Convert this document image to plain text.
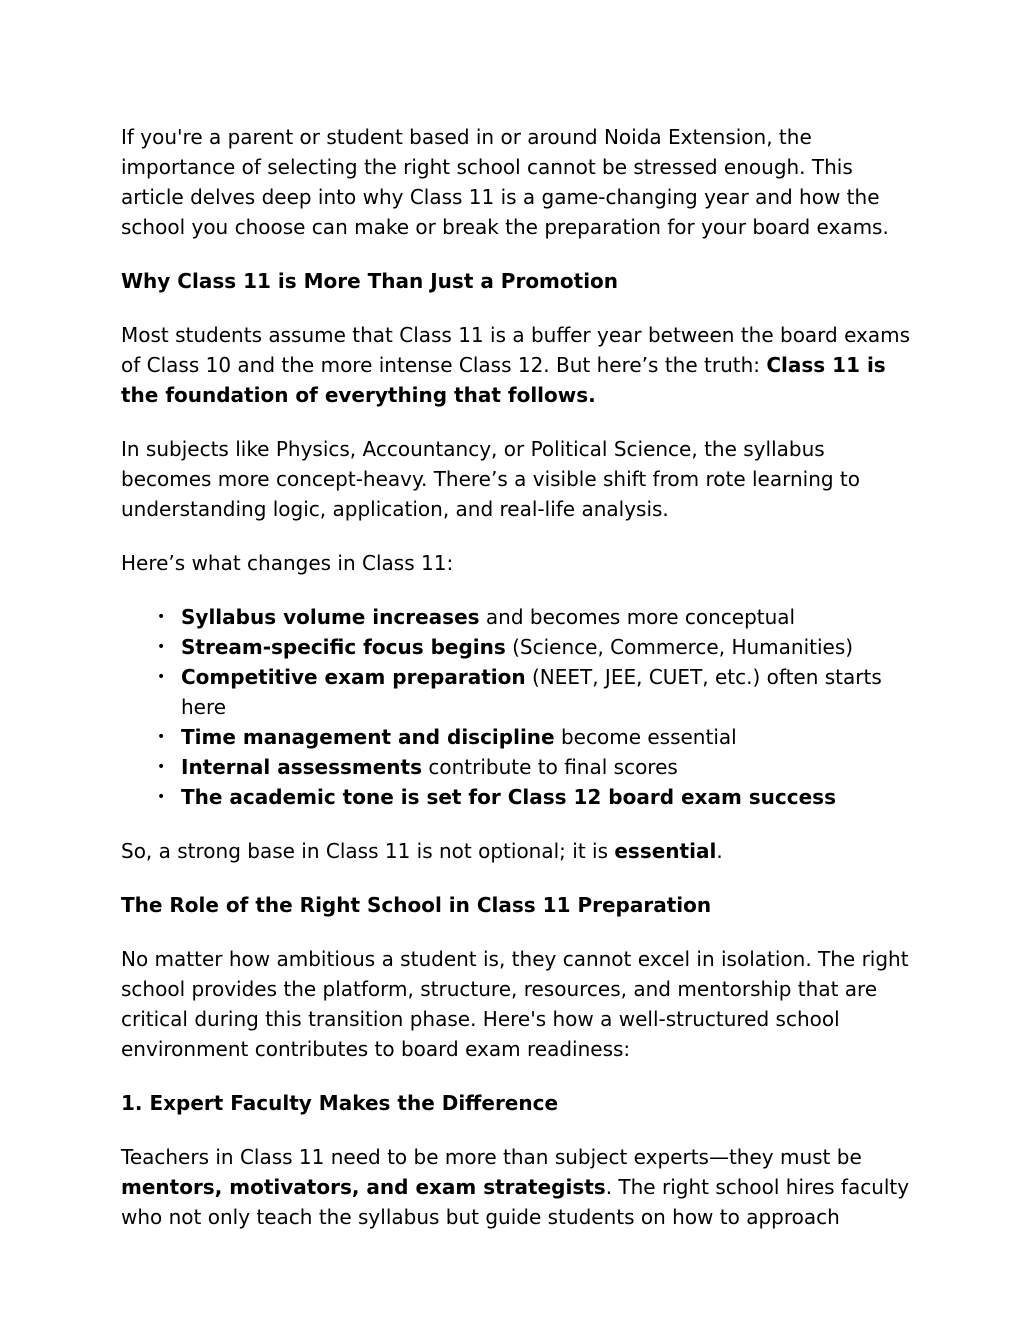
If you're a parent or student based in or around Noida Extension, the importance of selecting the right school cannot be stressed enough. This article delves deep into why Class 11 is a game-changing year and how the school you choose can make or break the preparation for your board exams.

Why Class 11 is More Than Just a Promotion

Most students assume that Class 11 is a buffer year between the board exams of Class 10 and the more intense Class 12. But here’s the truth: Class 11 is the foundation of everything that follows.

In subjects like Physics, Accountancy, or Political Science, the syllabus becomes more concept-heavy. There’s a visible shift from rote learning to understanding logic, application, and real-life analysis.

Here’s what changes in Class 11:

• Syllabus volume increases and becomes more conceptual
• Stream-specific focus begins (Science, Commerce, Humanities)
• Competitive exam preparation (NEET, JEE, CUET, etc.) often starts here
• Time management and discipline become essential
• Internal assessments contribute to final scores
• The academic tone is set for Class 12 board exam success

So, a strong base in Class 11 is not optional; it is essential.

The Role of the Right School in Class 11 Preparation

No matter how ambitious a student is, they cannot excel in isolation. The right school provides the platform, structure, resources, and mentorship that are critical during this transition phase. Here's how a well-structured school environment contributes to board exam readiness:

1. Expert Faculty Makes the Difference

Teachers in Class 11 need to be more than subject experts—they must be mentors, motivators, and exam strategists. The right school hires faculty who not only teach the syllabus but guide students on how to approach
